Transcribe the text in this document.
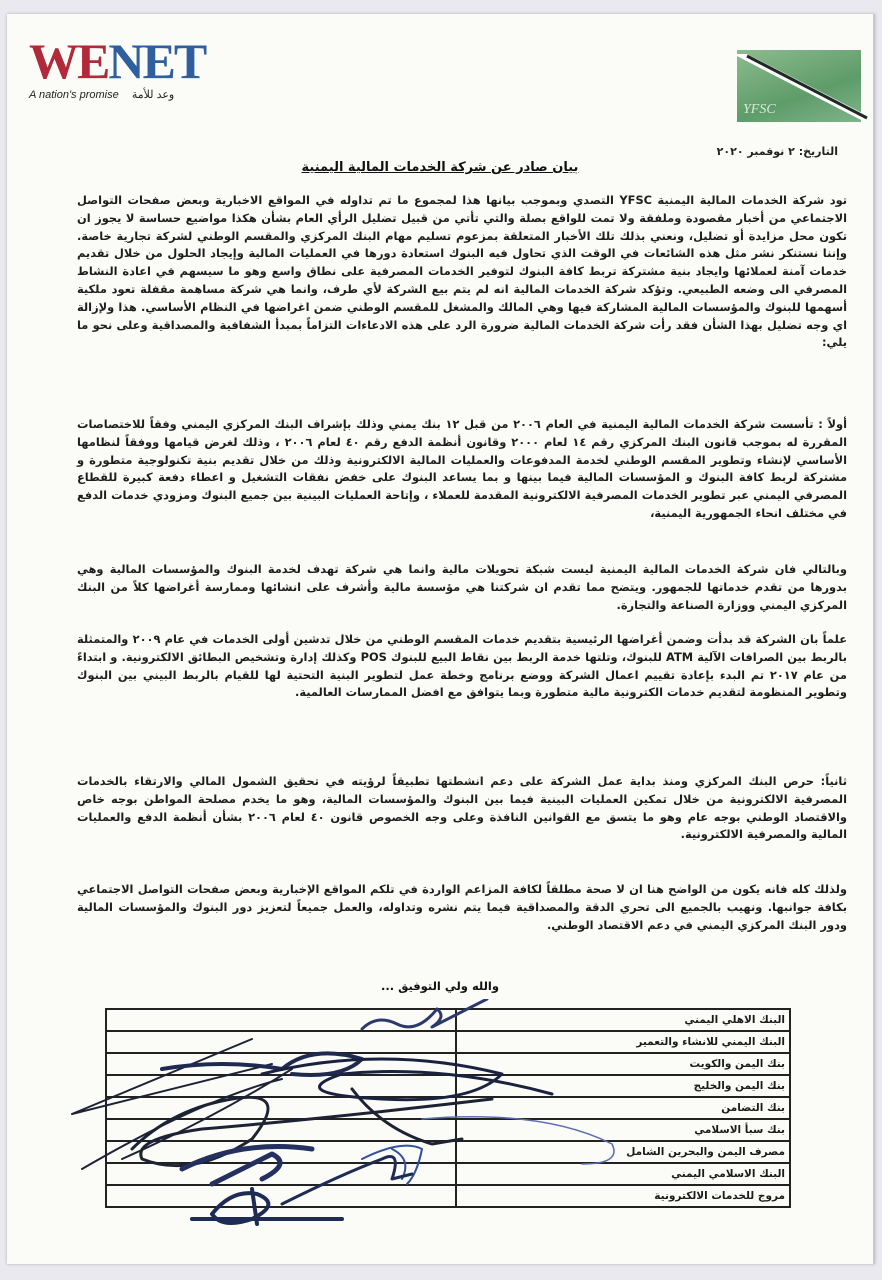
WENET
A nation's promise وعد للأمة
YFSC
التاريخ: ٢ نوفمبر ٢٠٢٠
بيان صادر عن شركة الخدمات المالية اليمنية
تود شركة الخدمات المالية اليمنية YFSC التصدي وبموجب بيانها هذا لمجموع ما تم تداوله في المواقع الاخبارية وبعض صفحات التواصل الاجتماعي من أخبار مقصودة وملفقة ولا تمت للواقع بصلة والتي تأتي من قبيل تضليل الرأي العام بشأن هكذا مواضيع حساسة لا يجوز ان تكون محل مزايدة أو تضليل، ونعني بذلك تلك الأخبار المتعلقة بمزعوم تسليم مهام البنك المركزي والمقسم الوطني لشركة تجارية خاصة. وإننا نستنكر نشر مثل هذه الشائعات في الوقت الذي تحاول فيه البنوك استعادة دورها في العمليات المالية وإيجاد الحلول من خلال تقديم خدمات آمنة لعملائها وايجاد بنية مشتركة تربط كافة البنوك لتوفير الخدمات المصرفية على نطاق واسع وهو ما سيسهم في اعادة النشاط المصرفي الى وضعه الطبيعي. وتؤكد شركة الخدمات المالية انه لم يتم بيع الشركة لأي طرف، وانما هي شركة مساهمة مقفلة تعود ملكية أسهمها للبنوك والمؤسسات المالية المشاركة فيها وهي المالك والمشغل للمقسم الوطني ضمن اغراضها في النظام الأساسي. هذا ولإزالة اي وجه تضليل بهذا الشأن فقد رأت شركة الخدمات المالية ضرورة الرد على هذه الادعاءات التزاماً بمبدأ الشفافية والمصداقية وعلى نحو ما يلي:
أولاً : تأسست شركة الخدمات المالية اليمنية في العام ٢٠٠٦ من قبل ١٢ بنك يمني وذلك بإشراف البنك المركزي اليمني وفقاً للاختصاصات المقررة له بموجب قانون البنك المركزي رقم ١٤ لعام ٢٠٠٠ وقانون أنظمة الدفع رقم ٤٠ لعام ٢٠٠٦ ، وذلك لغرض قيامها ووفقاً لنظامها الأساسي لإنشاء وتطوير المقسم الوطني لخدمة المدفوعات والعمليات المالية الالكترونية وذلك من خلال تقديم بنية تكنولوجية متطورة و مشتركة لربط كافة البنوك و المؤسسات المالية فيما بينها و بما يساعد البنوك على خفض نفقات التشغيل و اعطاء دفعة كبيرة للقطاع المصرفي اليمني عبر تطوير الخدمات المصرفية الالكترونية المقدمة للعملاء ، وإتاحة العمليات البينية بين جميع البنوك ومزودي خدمات الدفع في مختلف انحاء الجمهورية اليمنية،
وبالتالي فان شركة الخدمات المالية اليمنية ليست شبكة تحويلات مالية وانما هي شركة تهدف لخدمة البنوك والمؤسسات المالية وهي بدورها من تقدم خدماتها للجمهور. ويتضح مما تقدم ان شركتنا هي مؤسسة مالية وأشرف على انشائها وممارسة أغراضها كلاً من البنك المركزي اليمني ووزارة الصناعة والتجارة.
علماً بان الشركة قد بدأت وضمن أغراضها الرئيسية بتقديم خدمات المقسم الوطني من خلال تدشين أولى الخدمات في عام ٢٠٠٩ والمتمثلة بالربط بين الصرافات الآلية ATM للبنوك، وتلتها خدمة الربط بين نقاط البيع للبنوك POS وكذلك إدارة وتشخيص البطائق الالكترونية. و ابتداءً من عام ٢٠١٧ تم البدء بإعادة تقييم اعمال الشركة ووضع برنامج وخطة عمل لتطوير البنية التحتية لها للقيام بالربط البيني بين البنوك وتطوير المنظومة لتقديم خدمات الكترونية مالية متطورة وبما يتوافق مع افضل الممارسات العالمية.
ثانياً: حرص البنك المركزي ومنذ بداية عمل الشركة على دعم انشطتها تطبيقاً لرؤيته في تحقيق الشمول المالي والارتقاء بالخدمات المصرفية الالكترونية من خلال تمكين العمليات البينية فيما بين البنوك والمؤسسات المالية، وهو ما يخدم مصلحة المواطن بوجه خاص والاقتصاد الوطني بوجه عام وهو ما يتسق مع القوانين النافذة وعلى وجه الخصوص قانون ٤٠ لعام ٢٠٠٦ بشأن أنظمة الدفع والعمليات المالية والمصرفية الالكترونية.
ولذلك كله فانه يكون من الواضح هنا ان لا صحة مطلقاً لكافة المزاعم الواردة في تلكم المواقع الإخبارية وبعض صفحات التواصل الاجتماعي بكافة جوانبها. ونهيب بالجميع الى تحري الدقة والمصداقية فيما يتم نشره وتداوله، والعمل جميعاً لتعزيز دور البنوك والمؤسسات المالية ودور البنك المركزي اليمني في دعم الاقتصاد الوطني.
والله ولي التوفيق ...
البنك الاهلي اليمني	
البنك اليمني للانشاء والتعمير	
بنك اليمن والكويت	
بنك اليمن والخليج	
بنك التضامن	
بنك سبأ الاسلامي	
مصرف اليمن والبحرين الشامل	
البنك الاسلامي اليمني	
مروج للخدمات الالكترونية	
